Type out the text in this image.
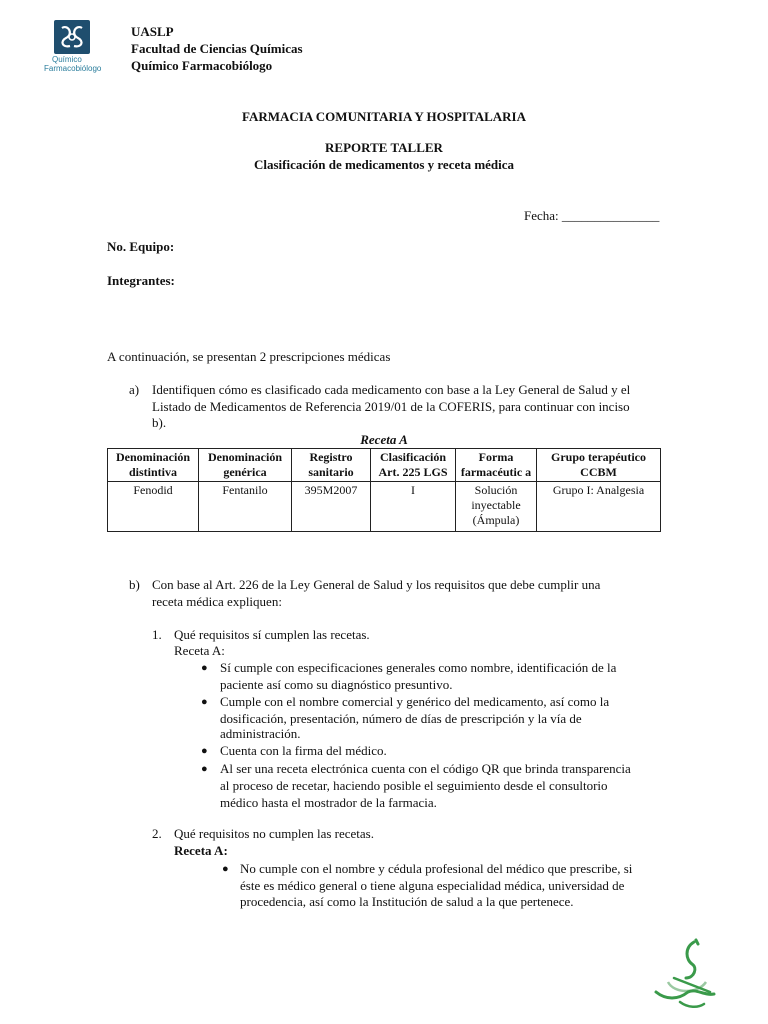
Químico
Farmacobiólogo
UASLP
Facultad de Ciencias Químicas
Químico Farmacobiólogo
FARMACIA COMUNITARIA Y HOSPITALARIA
REPORTE TALLER
Clasificación de medicamentos y receta médica
Fecha: _______________
No. Equipo:
Integrantes:
A continuación, se presentan 2 prescripciones médicas
a) Identifiquen cómo es clasificado cada medicamento con base a la Ley General de Salud y el
Listado de Medicamentos de Referencia 2019/01 de la COFERIS, para continuar con inciso
b).
Receta A
Denominación distintiva	Denominación genérica	Registro sanitario	Clasificación Art. 225 LGS	Forma farmacéutic a	Grupo terapéutico CCBM
Fenodid	Fentanilo	395M2007	I	Solución inyectable (Ámpula)	Grupo I: Analgesia
b) Con base al Art. 226 de la Ley General de Salud y los requisitos que debe cumplir una
receta médica expliquen:
1. Qué requisitos sí cumplen las recetas.
Receta A:
● Sí cumple con especificaciones generales como nombre, identificación de la
paciente así como su diagnóstico presuntivo.
● Cumple con el nombre comercial y genérico del medicamento, así como la
dosificación, presentación, número de días de prescripción y la vía de
administración.
● Cuenta con la firma del médico.
● Al ser una receta electrónica cuenta con el código QR que brinda transparencia
al proceso de recetar, haciendo posible el seguimiento desde el consultorio
médico hasta el mostrador de la farmacia.
2. Qué requisitos no cumplen las recetas.
Receta A:
● No cumple con el nombre y cédula profesional del médico que prescribe, si
éste es médico general o tiene alguna especialidad médica, universidad de
procedencia, así como la Institución de salud a la que pertenece.
